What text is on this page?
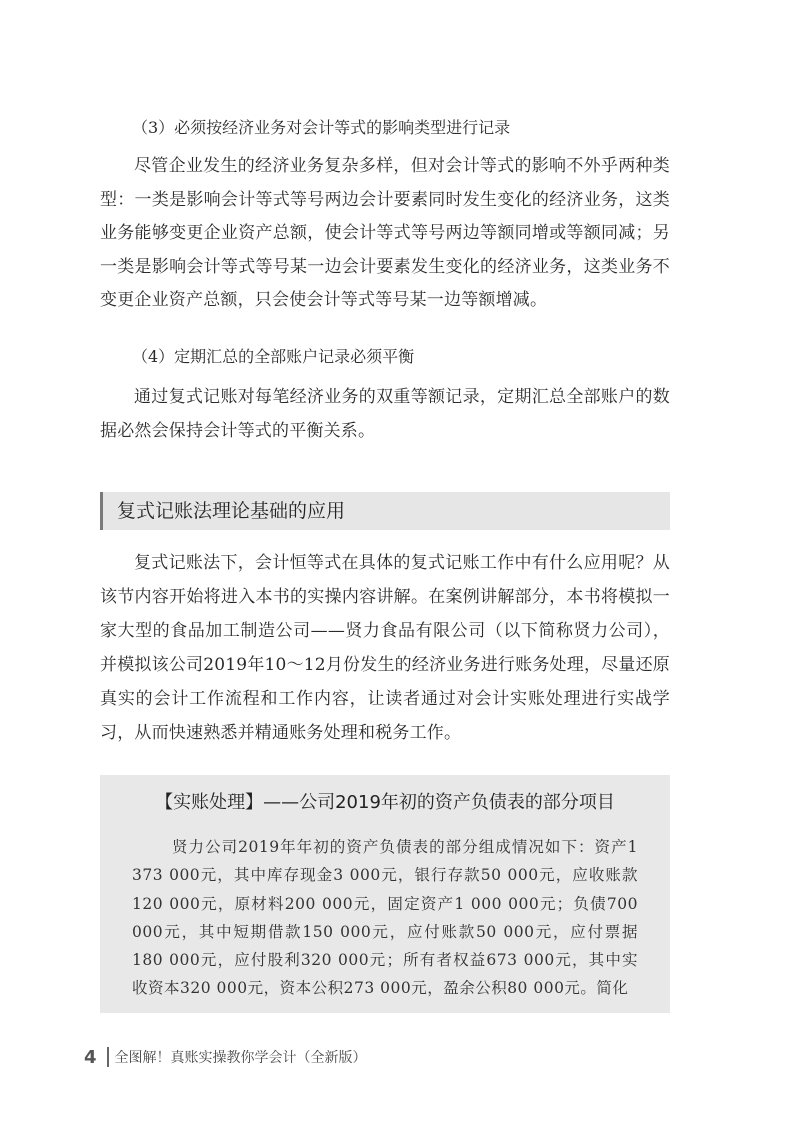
（3）必须按经济业务对会计等式的影响类型进行记录
尽管企业发生的经济业务复杂多样，但对会计等式的影响不外乎两种类型：一类是影响会计等式等号两边会计要素同时发生变化的经济业务，这类业务能够变更企业资产总额，使会计等式等号两边等额同增或等额同减；另一类是影响会计等式等号某一边会计要素发生变化的经济业务，这类业务不变更企业资产总额，只会使会计等式等号某一边等额增减。
（4）定期汇总的全部账户记录必须平衡
通过复式记账对每笔经济业务的双重等额记录，定期汇总全部账户的数据必然会保持会计等式的平衡关系。
复式记账法理论基础的应用
复式记账法下，会计恒等式在具体的复式记账工作中有什么应用呢？从该节内容开始将进入本书的实操内容讲解。在案例讲解部分，本书将模拟一家大型的食品加工制造公司——贤力食品有限公司（以下简称贤力公司），并模拟该公司2019年10～12月份发生的经济业务进行账务处理，尽量还原真实的会计工作流程和工作内容，让读者通过对会计实账处理进行实战学习，从而快速熟悉并精通账务处理和税务工作。
【实账处理】——公司2019年初的资产负债表的部分项目
贤力公司2019年年初的资产负债表的部分组成情况如下：资产1 373 000元，其中库存现金3 000元，银行存款50 000元，应收账款120 000元，原材料200 000元，固定资产1 000 000元；负债700 000元，其中短期借款150 000元，应付账款50 000元，应付票据180 000元，应付股利320 000元；所有者权益673 000元，其中实收资本320 000元，资本公积273 000元，盈余公积80 000元。简化
4 全图解！真账实操教你学会计（全新版）
